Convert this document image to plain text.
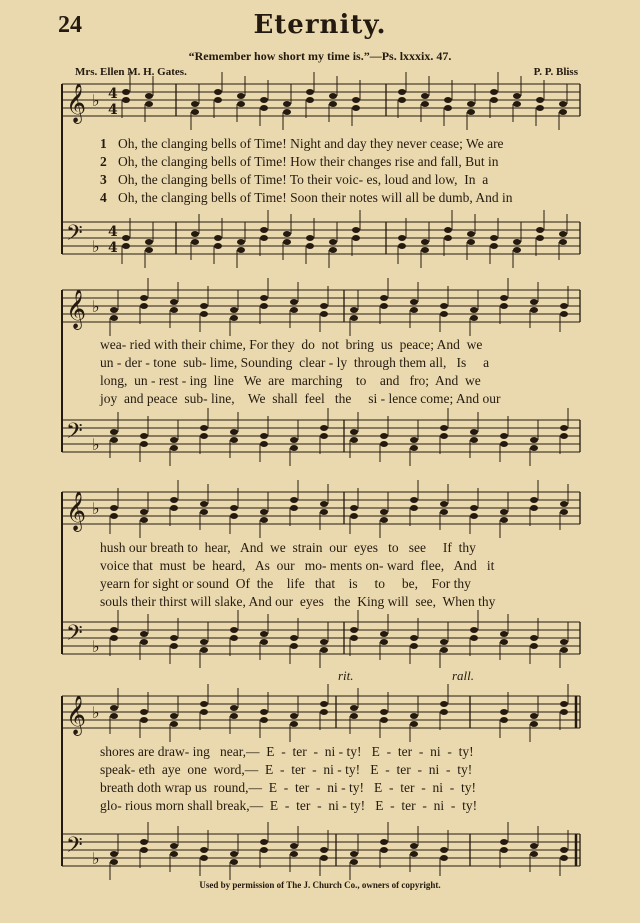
24	Eternity.
“Remember how short my time is.”—Ps. lxxxix. 47.
Mrs. Ellen M. H. Gates.	P. P. Bliss
𝄞 ♭
𝄢 ♭
𝄞 ♭
𝄢 ♭
𝄞 ♭
𝄢 ♭
𝄞 ♭
𝄢 ♭
4
4
4
4
1 Oh, the clanging bells of Time! Night and day they never cease; We are
2 Oh, the clanging bells of Time! How their changes rise and fall, But in
3 Oh, the clanging bells of Time! To their voic- es, loud and low,  In  a
4 Oh, the clanging bells of Time! Soon their notes will all be dumb, And in
wea- ried with their chime, For they  do  not  bring  us  peace; And  we
un - der - tone  sub- lime, Sounding  clear - ly  through them all,   Is     a
long,  un - rest - ing  line   We  are  marching    to    and   fro;  And  we
joy  and peace  sub- line,    We  shall  feel   the     si - lence come; And our
hush our breath to  hear,   And  we  strain  our  eyes   to   see     If  thy
voice that  must  be  heard,   As  our   mo- ments on- ward  flee,   And   it
yearn for sight or sound  Of  the    life   that    is     to     be,    For thy
souls their thirst will slake, And our  eyes   the  King will  see,  When thy
rit.	rall.
shores are draw- ing   near,—  E  -  ter  -  ni - ty!   E  -  ter  -  ni  -  ty!
speak- eth  aye  one  word,—  E  -  ter  -  ni - ty!   E  -  ter  -  ni  -  ty!
breath doth wrap us  round,—  E  -  ter  -  ni - ty!   E  -  ter  -  ni  -  ty!
glo- rious morn shall break,—  E  -  ter  -  ni - ty!   E  -  ter  -  ni  -  ty!
Used by permission of The J. Church Co., owners of copyright.
